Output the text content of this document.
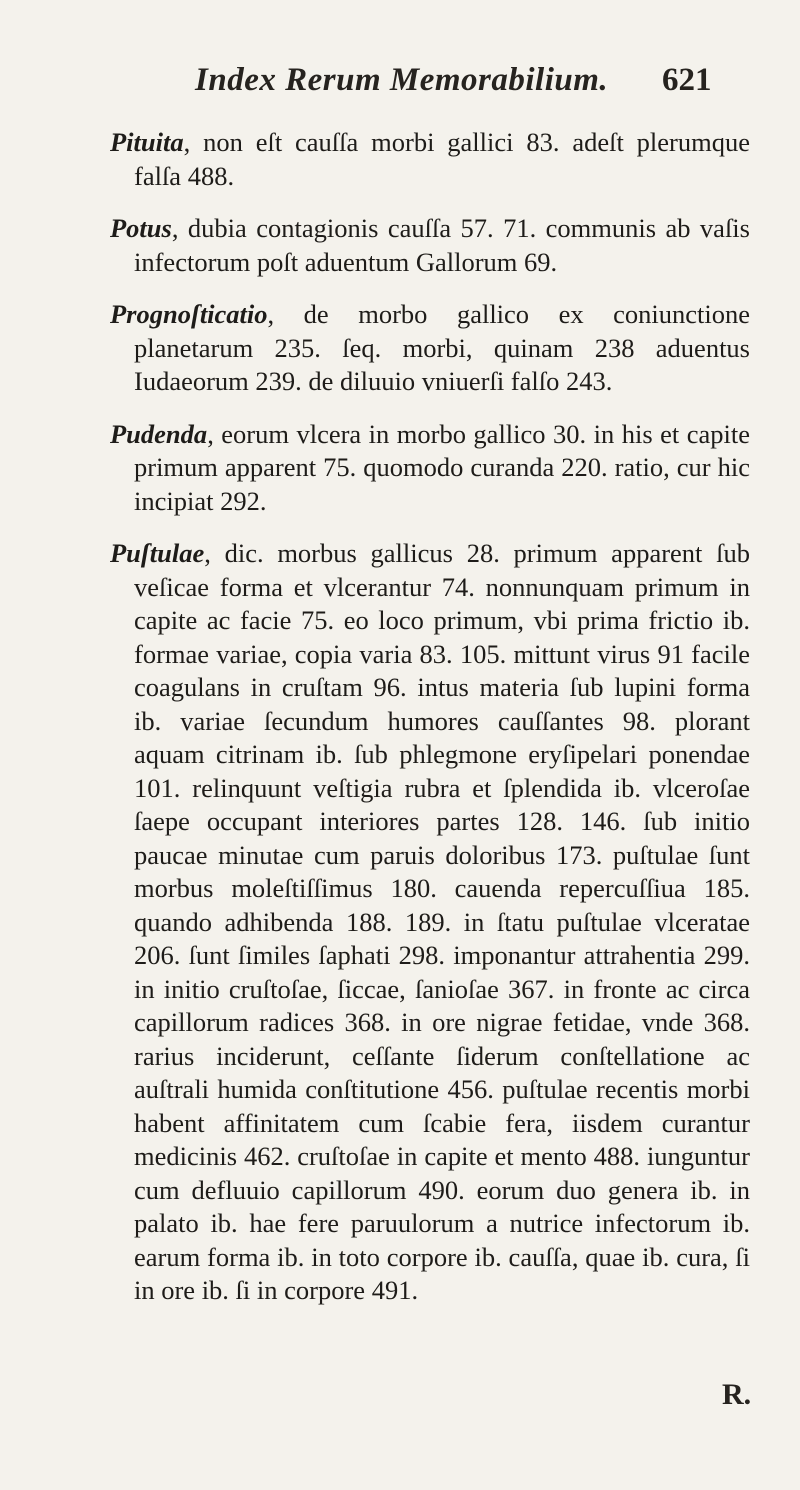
Index Rerum Memorabilium. 621

Pituita, non eſt cauſſa morbi gallici 83. adeſt plerumque falſa 488.

Potus, dubia contagionis cauſſa 57. 71. communis ab vaſis infectorum poſt aduentum Gallorum 69.

Prognoſticatio, de morbo gallico ex coniunctione planetarum 235. ſeq. morbi, quinam 238 aduentus Iudaeorum 239. de diluuio vniuerſi falſo 243.

Pudenda, eorum vlcera in morbo gallico 30. in his et capite primum apparent 75. quomodo curanda 220. ratio, cur hic incipiat 292.

Puſtulae, dic. morbus gallicus 28. primum apparent ſub veſicae forma et vlcerantur 74. nonnunquam primum in capite ac facie 75. eo loco primum, vbi prima frictio ib. formae variae, copia varia 83. 105. mittunt virus 91 facile coagulans in cruſtam 96. intus materia ſub lupini forma ib. variae ſecundum humores cauſſantes 98. plorant aquam citrinam ib. ſub phlegmone eryſipelari ponendae 101. relinquunt veſtigia rubra et ſplendida ib. vlceroſae ſaepe occupant interiores partes 128. 146. ſub initio paucae minutae cum paruis doloribus 173. puſtulae ſunt morbus moleſtiſſimus 180. cauenda repercuſſiua 185. quando adhibenda 188. 189. in ſtatu puſtulae vlceratae 206. ſunt ſimiles ſaphati 298. imponantur attrahentia 299. in initio cruſtoſae, ſiccae, ſanioſae 367. in fronte ac circa capillorum radices 368. in ore nigrae fetidae, vnde 368. rarius inciderunt, ceſſante ſiderum conſtellatione ac auſtrali humida conſtitutione 456. puſtulae recentis morbi habent affinitatem cum ſcabie fera, iisdem curantur medicinis 462. cruſtoſae in capite et mento 488. iunguntur cum defluuio capillorum 490. eorum duo genera ib. in palato ib. hae fere paruulorum a nutrice infectorum ib. earum forma ib. in toto corpore ib. cauſſa, quae ib. cura, ſi in ore ib. ſi in corpore 491.

R.
